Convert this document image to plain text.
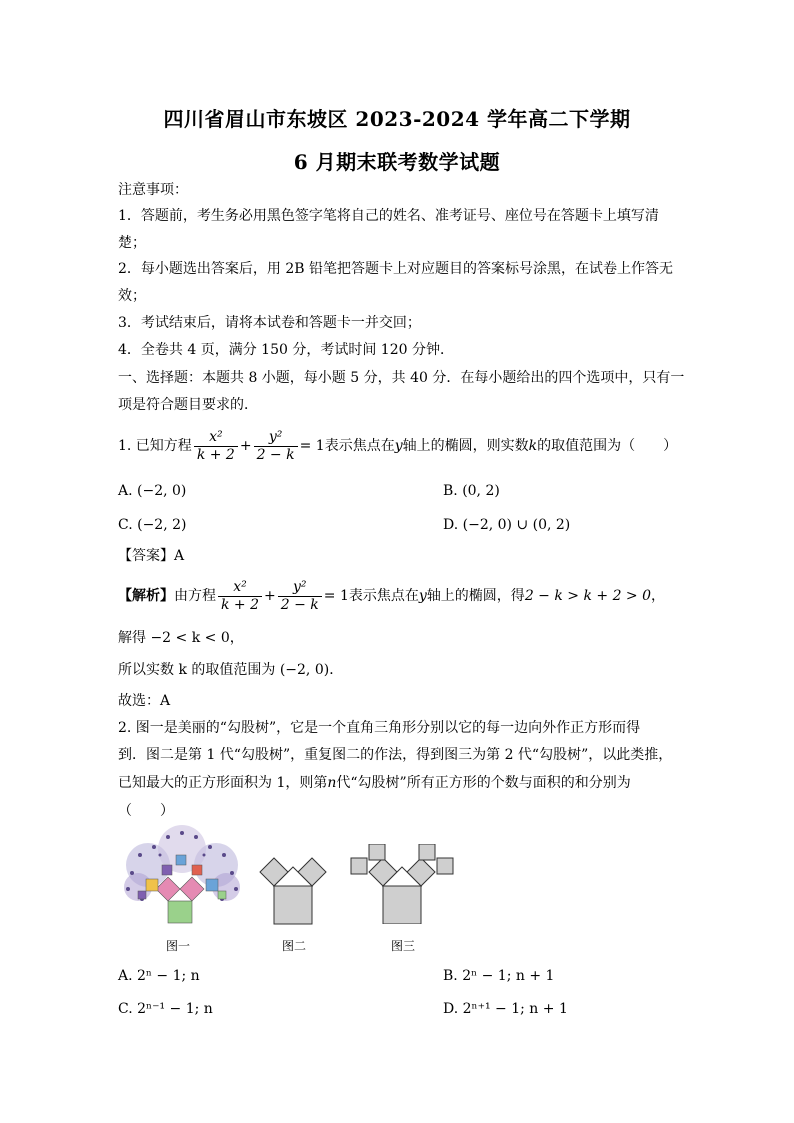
四川省眉山市东坡区 2023-2024 学年高二下学期
6 月期末联考数学试题
注意事项：
1．答题前，考生务必用黑色签字笔将自己的姓名、准考证号、座位号在答题卡上填写清
楚；
2．每小题选出答案后，用 2B 铅笔把答题卡上对应题目的答案标号涂黑，在试卷上作答无
效；
3．考试结束后，请将本试卷和答题卡一并交回；
4．全卷共 4 页，满分 150 分，考试时间 120 分钟．
一、选择题：本题共 8 小题，每小题 5 分，共 40 分．在每小题给出的四个选项中，只有一
项是符合题目要求的．
1. 已知方程 $\frac{\text{x²}}{k + 2} + \frac{\text{y²}}{2 - k} = 1$表示焦点在y轴上的椭圆，则实数k的取值范围为（　　）
A. (−2, 0)	B. (0, 2)
C. (−2, 2)	D. (−2, 0) ∪ (0, 2)
【答案】A
【解析】由方程 $\frac{\text{x²}}{k + 2} + \frac{\text{y²}}{2 - k} = 1$表示焦点在y轴上的椭圆，得2 − k > k + 2 > 0，
解得 −2 < k < 0，
所以实数 k 的取值范围为 (−2, 0)．
故选：A
2. 图一是美丽的“勾股树”，它是一个直角三角形分别以它的每一边向外作正方形而得
到．图二是第 1 代“勾股树”，重复图二的作法，得到图三为第 2 代“勾股树”，以此类推，
已知最大的正方形面积为 1，则第n代“勾股树”所有正方形的个数与面积的和分别为
（　　）
图一	图二	图三
A. 2ⁿ − 1; n	B. 2ⁿ − 1; n + 1
C. 2ⁿ⁻¹ − 1; n	D. 2ⁿ⁺¹ − 1; n + 1
